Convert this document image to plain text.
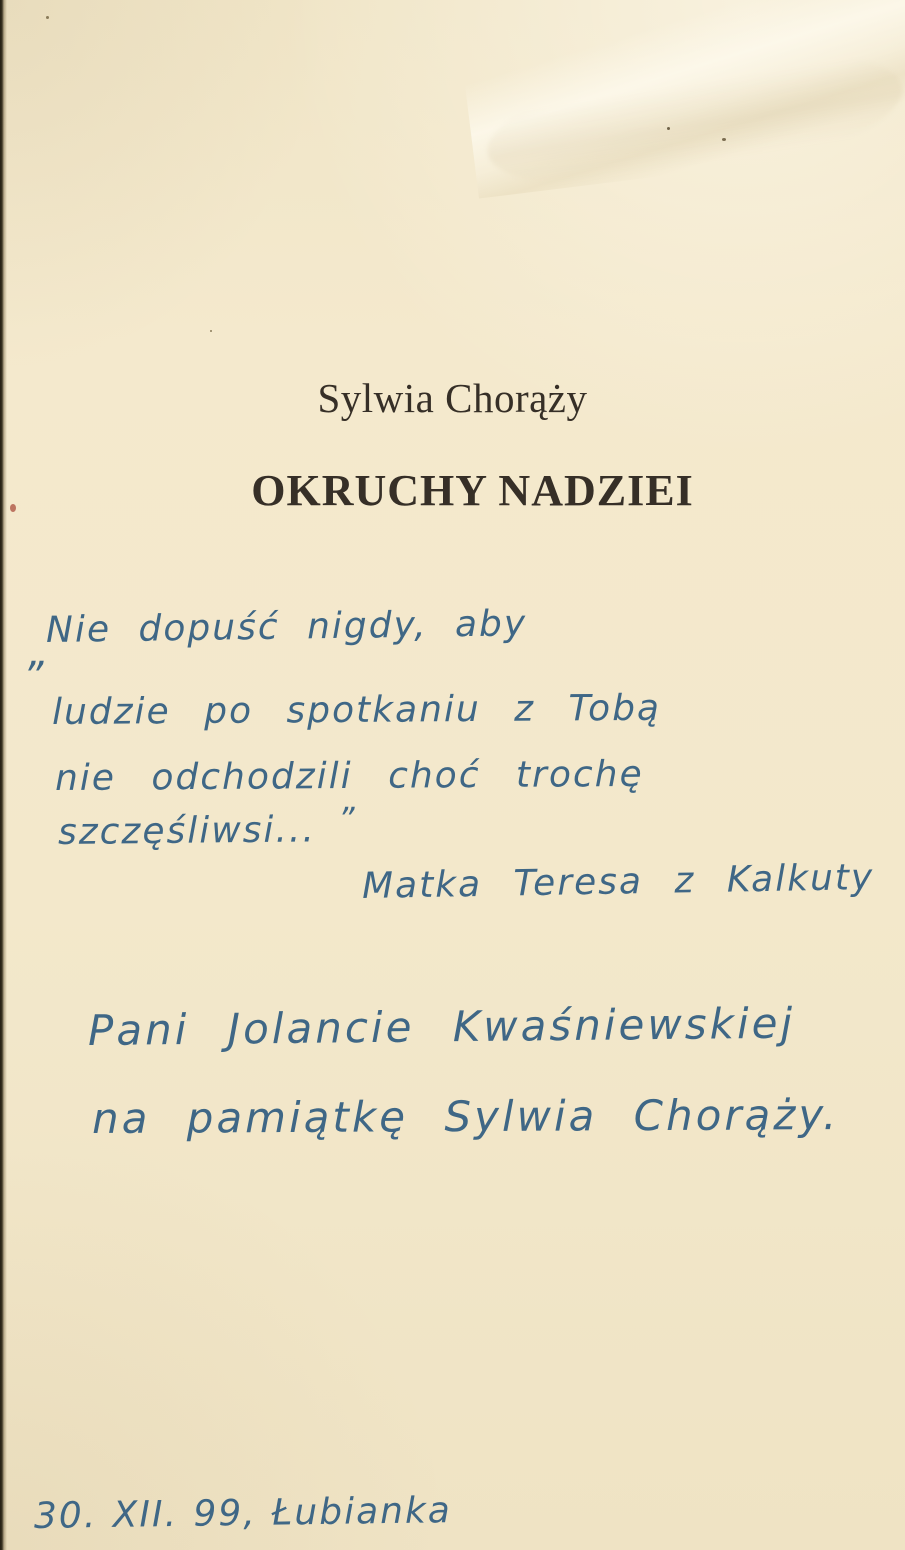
Sylwia Chorąży
OKRUCHY NADZIEI
„
Nie dopuść nigdy, aby
ludzie po spotkaniu z Tobą
nie odchodzili choć trochę
szczęśliwsi... ”
Matka Teresa z Kalkuty
Pani Jolancie Kwaśniewskiej
na pamiątkę Sylwia Chorąży.
30. XII. 99, Łubianka
